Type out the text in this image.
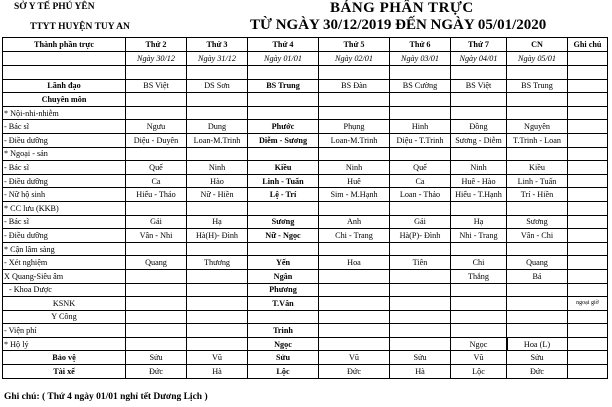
SỞ Y TẾ PHÚ YÊN
TTYT HUYỆN TUY AN
BẢNG PHÂN TRỰC
TỪ NGÀY 30/12/2019 ĐẾN NGÀY 05/01/2020
Thành phần trực	Thứ 2	Thứ 3	Thứ 4	Thứ 5	Thứ 6	Thứ 7	CN	Ghi chú
	Ngày 30/12	Ngày 31/12	Ngày 01/01	Ngày 02/01	Ngày 03/01	Ngày 04/01	Ngày 05/01	

Lãnh đạo	BS Việt	DS Sơn	BS Trung	BS Đàn	BS Cường	BS Việt	BS Trung	
Chuyên môn								
* Nội-nhi-nhiễm								
- Bác sĩ	Ngưu	Dung	Phước	Phụng	Hinh	Đồng	Nguyên	
- Điều dưỡng	Diệu - Duyên	Loan-M.Trinh	Diễm - Sương	Loan-M.Trinh	Diệu - T.Trinh	Sương - Diễm	T.Trinh - Loan	
* Ngoại - sản								
- Bác sĩ	Quế	Ninh	Kiều	Ninh	Quế	Ninh	Kiều	
- Điều dưỡng	Ca	Hào	Linh - Tuấn	Huê	Ca	Huê - Hào	Linh - Tuấn	
- Nữ hộ sinh	Hiếu - Thảo	Nữ - Hiền	Lệ - Trí	Sim - M.Hạnh	Loan - Thảo	Hiếu - T.Hạnh	Trí - Hiền	
* CC lưu (KKB)								
- Bác sĩ	Gái	Hạ	Sương	Anh	Gái	Hạ	Sương	
- Điều dưỡng	Vân - Nhi	Hà(H)- Đình	Nữ - Ngọc	Chi - Trang	Hà(P)- Đình	Nhi - Trang	Vân - Chi	
* Cận lâm sàng								
- Xét nghiệm	Quang	Thương	Yến	Hoa	Tiên	Chi	Quang	
X Quang-Siêu âm			Ngân			Thắng	Bá	
- Khoa Dược			Phương					
KSNK			T.Vân					ngoại giờ
Y Công								
- Viện phí			Trinh					
* Hộ lý			Ngọc			Ngọc	Hoa (L)	
Bảo vệ	Sửu	Vũ	Sửu	Vũ	Sửu	Vũ	Sửu	
Tài xế	Đức	Hà	Lộc	Đức	Hà	Lộc	Đức	
Ghi chú: ( Thứ 4 ngày 01/01 nghỉ tết Dương Lịch )
